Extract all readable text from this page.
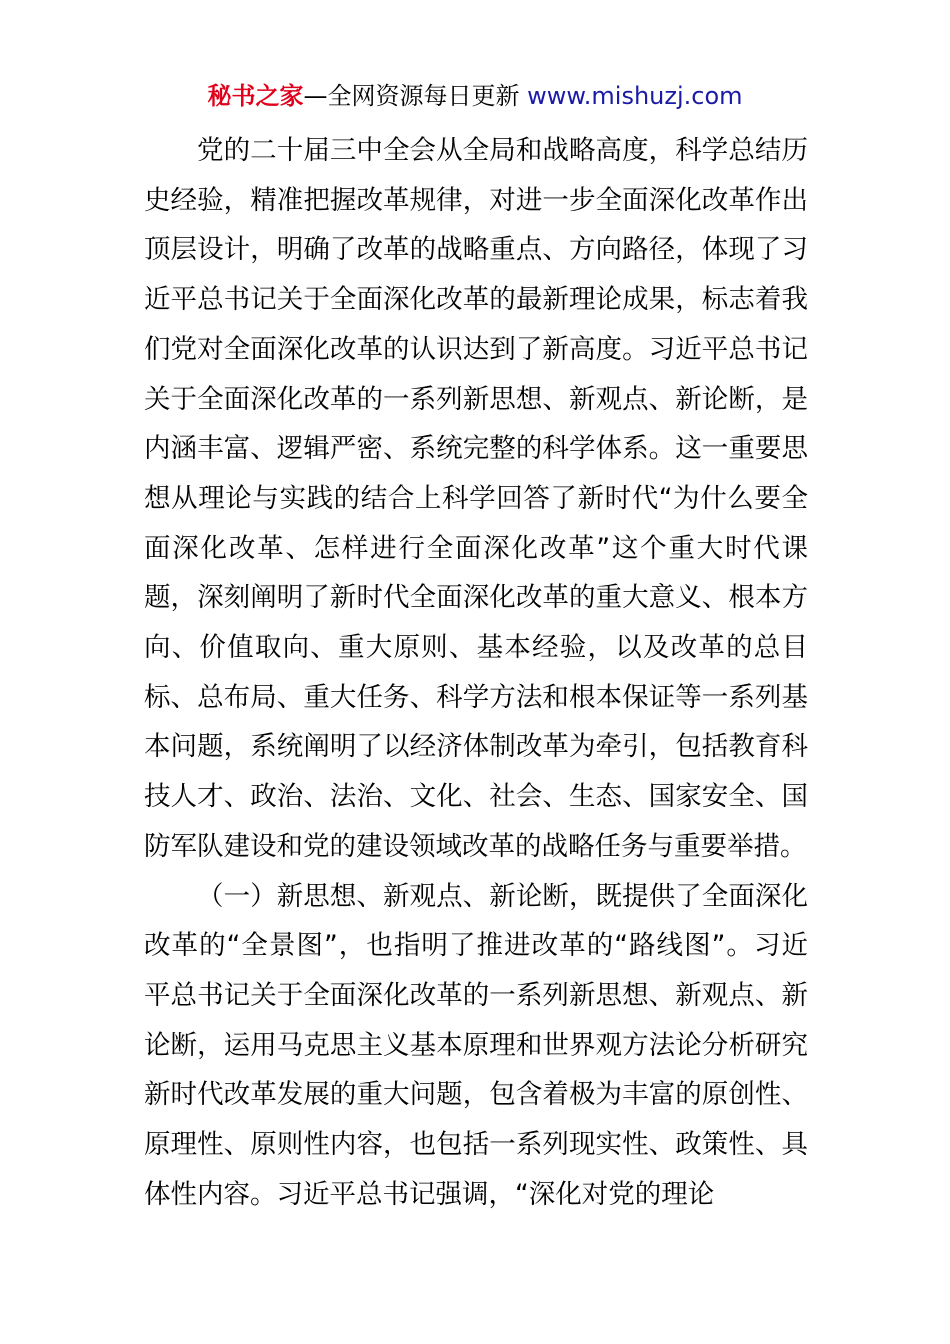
秘书之家—全网资源每日更新 www.mishuzj.com

党的二十届三中全会从全局和战略高度，科学总结历史经验，精准把握改革规律，对进一步全面深化改革作出顶层设计，明确了改革的战略重点、方向路径，体现了习近平总书记关于全面深化改革的最新理论成果，标志着我们党对全面深化改革的认识达到了新高度。习近平总书记关于全面深化改革的一系列新思想、新观点、新论断，是内涵丰富、逻辑严密、系统完整的科学体系。这一重要思想从理论与实践的结合上科学回答了新时代“为什么要全面深化改革、怎样进行全面深化改革”这个重大时代课题，深刻阐明了新时代全面深化改革的重大意义、根本方向、价值取向、重大原则、基本经验，以及改革的总目标、总布局、重大任务、科学方法和根本保证等一系列基本问题，系统阐明了以经济体制改革为牵引，包括教育科技人才、政治、法治、文化、社会、生态、国家安全、国防军队建设和党的建设领域改革的战略任务与重要举措。

（一）新思想、新观点、新论断，既提供了全面深化改革的“全景图”，也指明了推进改革的“路线图”。习近平总书记关于全面深化改革的一系列新思想、新观点、新论断，运用马克思主义基本原理和世界观方法论分析研究新时代改革发展的重大问题，包含着极为丰富的原创性、原理性、原则性内容，也包括一系列现实性、政策性、具体性内容。习近平总书记强调，“深化对党的理论
